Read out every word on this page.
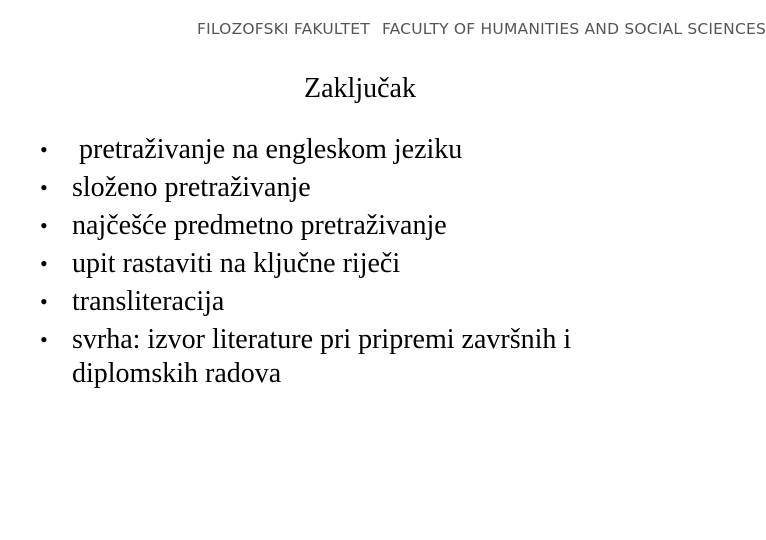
FILOZOFSKI FAKULTET FACULTY OF HUMANITIES AND SOCIAL SCIENCES
Zaključak
• pretraživanje na engleskom jeziku
• složeno pretraživanje
• najčešće predmetno pretraživanje
• upit rastaviti na ključne riječi
• transliteracija
• svrha: izvor literature pri pripremi završnih i diplomskih radova
